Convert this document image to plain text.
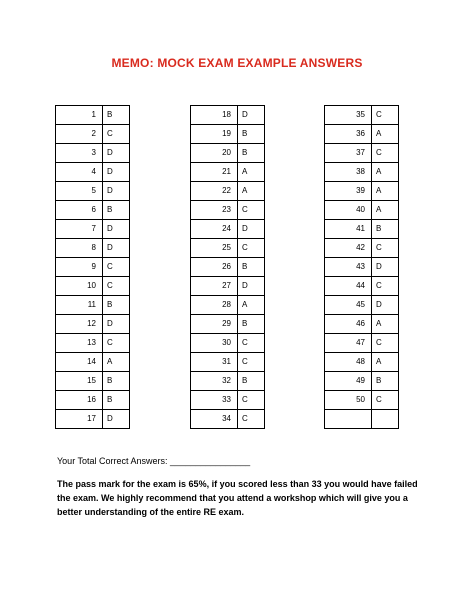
MEMO: MOCK EXAM EXAMPLE ANSWERS
1	B
2	C
3	D
4	D
5	D
6	B
7	D
8	D
9	C
10	C
11	B
12	D
13	C
14	A
15	B
16	B
17	D
18	D
19	B
20	B
21	A
22	A
23	C
24	D
25	C
26	B
27	D
28	A
29	B
30	C
31	C
32	B
33	C
34	C
35	C
36	A
37	C
38	A
39	A
40	A
41	B
42	C
43	D
44	C
45	D
46	A
47	C
48	A
49	B
50	C

Your Total Correct Answers: ________________
The pass mark for the exam is 65%, if you scored less than 33 you would have failed the exam. We highly recommend that you attend a workshop which will give you a better understanding of the entire RE exam.
